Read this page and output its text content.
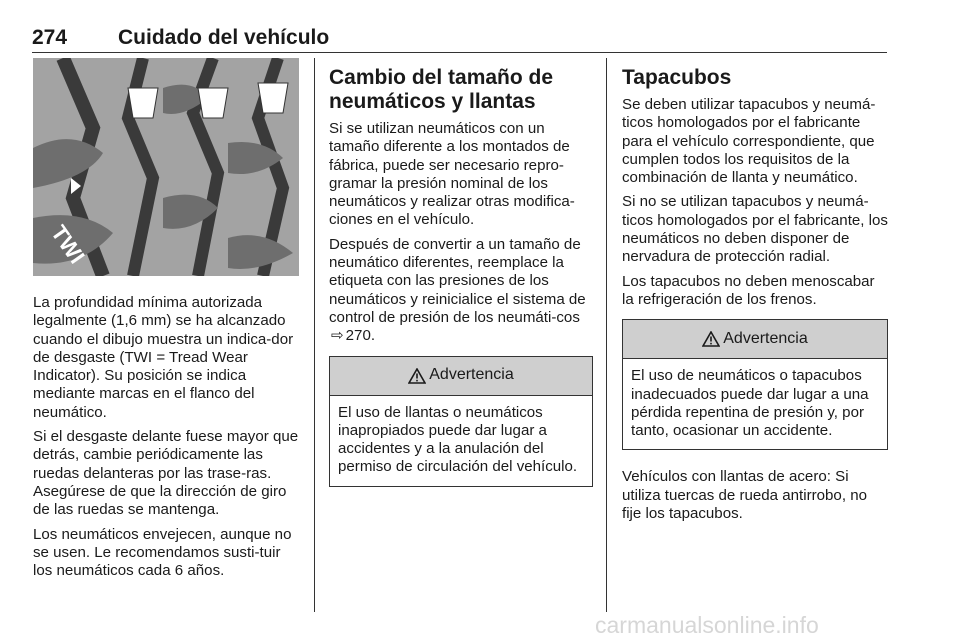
274 Cuidado del vehículo
TWI

La profundidad mínima autorizada legalmente (1,6 mm) se ha alcanzado cuando el dibujo muestra un indica-dor de desgaste (TWI = Tread Wear Indicator). Su posición se indica mediante marcas en el flanco del neumático.

Si el desgaste delante fuese mayor que detrás, cambie periódicamente las ruedas delanteras por las trase-ras. Asegúrese de que la dirección de giro de las ruedas se mantenga.

Los neumáticos envejecen, aunque no se usen. Le recomendamos susti-tuir los neumáticos cada 6 años.

Cambio del tamaño de neumáticos y llantas

Si se utilizan neumáticos con un tamaño diferente a los montados de fábrica, puede ser necesario repro-gramar la presión nominal de los neumáticos y realizar otras modifica-ciones en el vehículo.

Después de convertir a un tamaño de neumático diferentes, reemplace la etiqueta con las presiones de los neumáticos y reinicialice el sistema de control de presión de los neumáti-cos ⇨ 270.

Advertencia
El uso de llantas o neumáticos inapropiados puede dar lugar a accidentes y a la anulación del permiso de circulación del vehículo.
Tapacubos

Se deben utilizar tapacubos y neumá-ticos homologados por el fabricante para el vehículo correspondiente, que cumplen todos los requisitos de la combinación de llanta y neumático.

Si no se utilizan tapacubos y neumá-ticos homologados por el fabricante, los neumáticos no deben disponer de nervadura de protección radial.

Los tapacubos no deben menoscabar la refrigeración de los frenos.

Advertencia
El uso de neumáticos o tapacubos inadecuados puede dar lugar a una pérdida repentina de presión y, por tanto, ocasionar un accidente.

Vehículos con llantas de acero: Si utiliza tuercas de rueda antirrobo, no fije los tapacubos.

carmanualsonline.info
